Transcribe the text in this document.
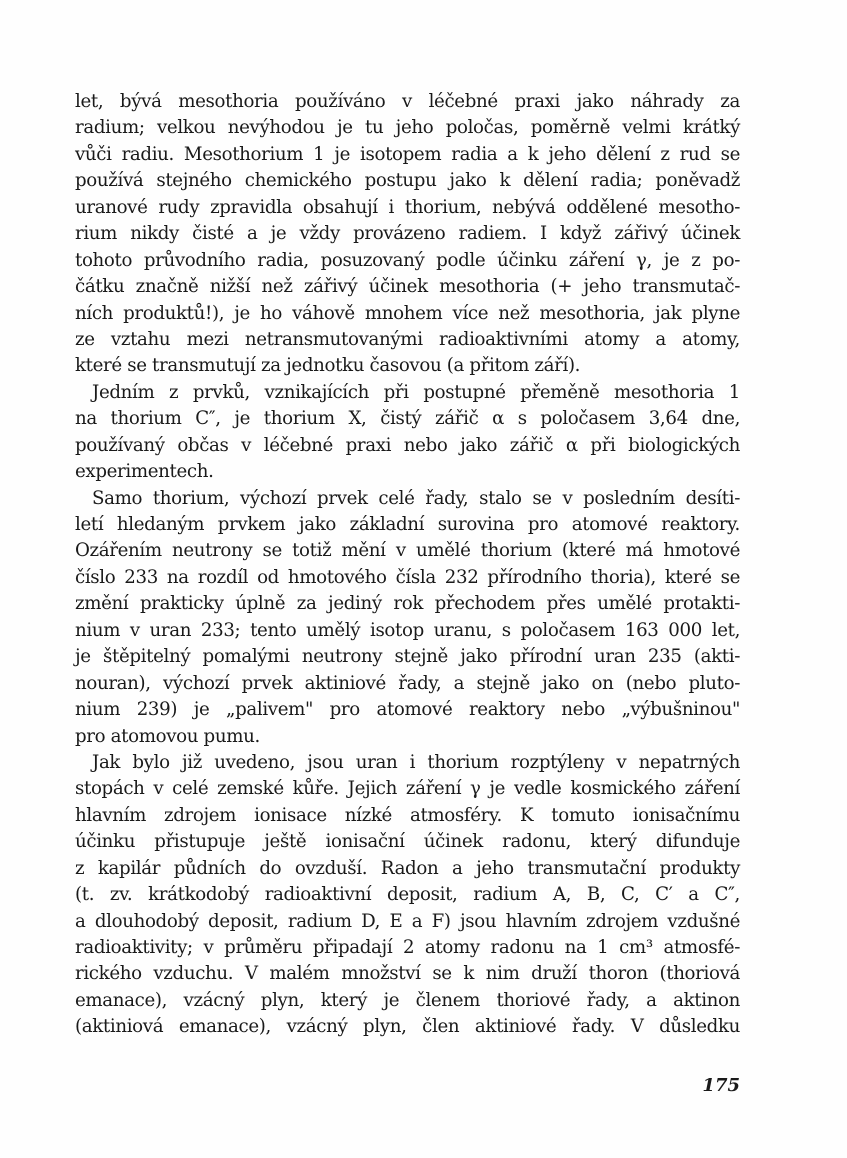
let, bývá mesothoria používáno v léčebné praxi jako náhrady za
radium; velkou nevýhodou je tu jeho poločas, poměrně velmi krátký
vůči radiu. Mesothorium 1 je isotopem radia a k jeho dělení z rud se
používá stejného chemického postupu jako k dělení radia; poněvadž
uranové rudy zpravidla obsahují i thorium, nebývá oddělené mesotho-
rium nikdy čisté a je vždy provázeno radiem. I když zářivý účinek
tohoto průvodního radia, posuzovaný podle účinku záření γ, je z po-
čátku značně nižší než zářivý účinek mesothoria (+ jeho transmutač-
ních produktů!), je ho váhově mnohem více než mesothoria, jak plyne
ze vztahu mezi netransmutovanými radioaktivními atomy a atomy,
které se transmutují za jednotku časovou (a přitom září).
Jedním z prvků, vznikajících při postupné přeměně mesothoria 1
na thorium C″, je thorium X, čistý zářič α s poločasem 3,64 dne,
používaný občas v léčebné praxi nebo jako zářič α při biologických
experimentech.
Samo thorium, výchozí prvek celé řady, stalo se v posledním desíti-
letí hledaným prvkem jako základní surovina pro atomové reaktory.
Ozářením neutrony se totiž mění v umělé thorium (které má hmotové
číslo 233 na rozdíl od hmotového čísla 232 přírodního thoria), které se
změní prakticky úplně za jediný rok přechodem přes umělé protakti-
nium v uran 233; tento umělý isotop uranu, s poločasem 163 000 let,
je štěpitelný pomalými neutrony stejně jako přírodní uran 235 (akti-
nouran), výchozí prvek aktiniové řady, a stejně jako on (nebo pluto-
nium 239) je „palivem" pro atomové reaktory nebo „výbušninou"
pro atomovou pumu.
Jak bylo již uvedeno, jsou uran i thorium rozptýleny v nepatrných
stopách v celé zemské kůře. Jejich záření γ je vedle kosmického záření
hlavním zdrojem ionisace nízké atmosféry. K tomuto ionisačnímu
účinku přistupuje ještě ionisační účinek radonu, který difunduje
z kapilár půdních do ovzduší. Radon a jeho transmutační produkty
(t. zv. krátkodobý radioaktivní deposit, radium A, B, C, C′ a C″,
a dlouhodobý deposit, radium D, E a F) jsou hlavním zdrojem vzdušné
radioaktivity; v průměru připadají 2 atomy radonu na 1 cm³ atmosfé-
rického vzduchu. V malém množství se k nim druží thoron (thoriová
emanace), vzácný plyn, který je členem thoriové řady, a aktinon
(aktiniová emanace), vzácný plyn, člen aktiniové řady. V důsledku
175
